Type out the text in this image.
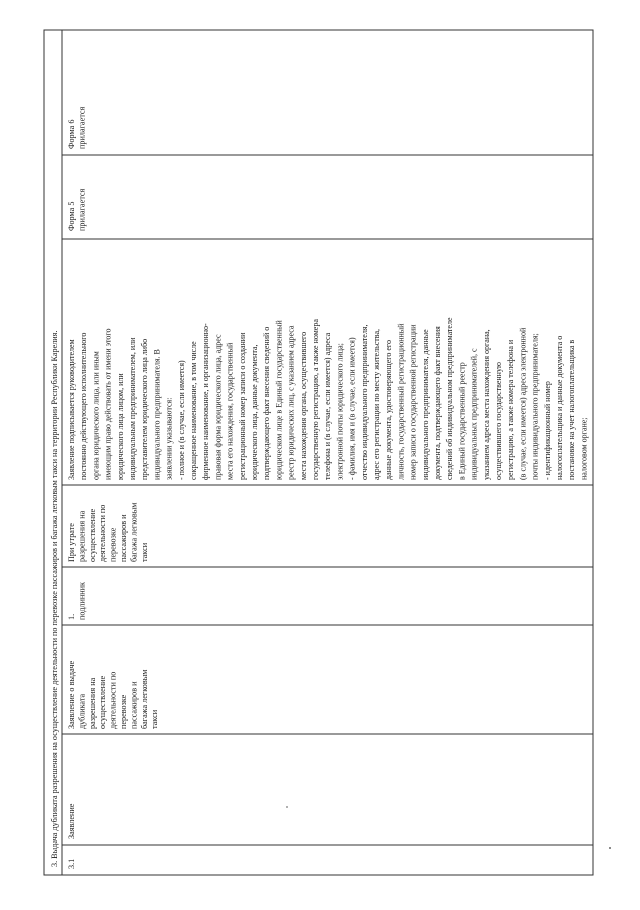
3. Выдача дубликата разрешения на осуществление деятельности по перевозке пассажиров и багажа легковым такси на территории Республики Карелия. 3.1
Заявление
Заявление о выдаче дубликата разрешения на осуществление деятельности по перевозке пассажиров и багажа легковым такси
1. подлинник
При утрате разрешения на осуществление деятельности по перевозке пассажиров и багажа легковым такси
Заявление подписывается руководителем постоянно действующего исполнительного органа юридического лица, или иным имеющим право действовать от имени этого юридического лица лицом, или индивидуальным предпринимателем, или представителем юридического лица либо индивидуального предпринимателя. В заявлении указываются: - полное и (в случае, если имеется) сокращенное наименование, в том числе фирменное наименование, и организационно- правовая форма юридического лица, адрес места его нахождения, государственный регистрационный номер записи о создании юридического лица, данные документа, подтверждающего факт внесения сведений о юридическом лице в Единый государственный реестр юридических лиц, с указанием адреса места нахождения органа, осуществившего государственную регистрацию, а также номера телефона и (в случае, если имеется) адреса электронной почты юридического лица; - фамилия, имя и (в случае, если имеется) отчество индивидуального предпринимателя, адрес его регистрации по месту жительства, данные документа, удостоверяющего его личность, государственный регистрационный номер записи о государственной регистрации индивидуального предпринимателя, данные документа, подтверждающего факт внесения сведений об индивидуальном предпринимателе в Единый государственный реестр индивидуальных предпринимателей, с указанием адреса места нахождения органа, осуществившего государственную регистрацию, а также номера телефона и (в случае, если имеется) адреса электронной почты индивидуального предпринимателя; - идентификационный номер налогоплательщика и данные документа о постановке на учет налогоплательщика в налоговом органе;
Форма 5 прилагается
Форма 6 прилагается
